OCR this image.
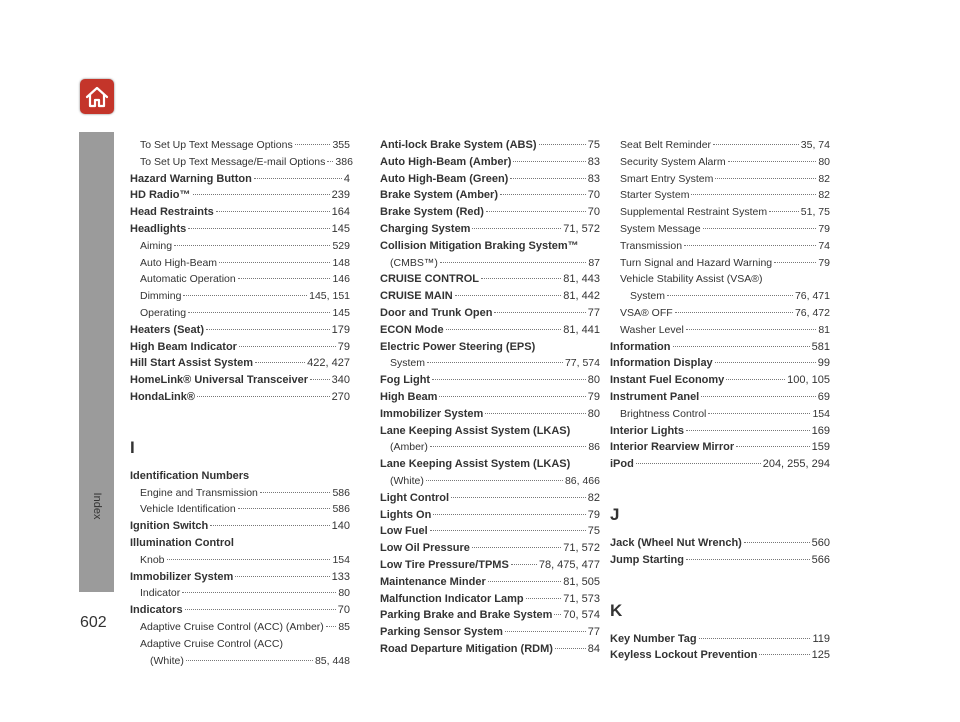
Index
602
To Set Up Text Message Options	355
To Set Up Text Message/E-mail Options 386
Hazard Warning Button	4
HD Radio™	239
Head Restraints	164
Headlights	145
Aiming	529
Auto High-Beam	148
Automatic Operation	146
Dimming	145, 151
Operating	145
Heaters (Seat)	179
High Beam Indicator	79
Hill Start Assist System	422, 427
HomeLink® Universal Transceiver 340
HondaLink®	270
I
Identification Numbers
Engine and Transmission	586
Vehicle Identification	586
Ignition Switch	140
Illumination Control
Knob	154
Immobilizer System	133
Indicator	80
Indicators	70
Adaptive Cruise Control (ACC) (Amber) 85
Adaptive Cruise Control (ACC)
(White)	85, 448
Anti-lock Brake System (ABS)	75
Auto High-Beam (Amber)	83
Auto High-Beam (Green)	83
Brake System (Amber)	70
Brake System (Red)	70
Charging System	71, 572
Collision Mitigation Braking System™
(CMBS™)	87
CRUISE CONTROL	81, 443
CRUISE MAIN	81, 442
Door and Trunk Open	77
ECON Mode	81, 441
Electric Power Steering (EPS)
System	77, 574
Fog Light	80
High Beam	79
Immobilizer System	80
Lane Keeping Assist System (LKAS)
(Amber)	86
Lane Keeping Assist System (LKAS)
(White)	86, 466
Light Control	82
Lights On	79
Low Fuel	75
Low Oil Pressure	71, 572
Low Tire Pressure/TPMS	78, 475, 477
Maintenance Minder	81, 505
Malfunction Indicator Lamp	71, 573
Parking Brake and Brake System 70, 574
Parking Sensor System	77
Road Departure Mitigation (RDM)	84
Seat Belt Reminder	35, 74
Security System Alarm	80
Smart Entry System	82
Starter System	82
Supplemental Restraint System	51, 75
System Message	79
Transmission	74
Turn Signal and Hazard Warning	79
Vehicle Stability Assist (VSA®)
System	76, 471
VSA® OFF	76, 472
Washer Level	81
Information	581
Information Display	99
Instant Fuel Economy	100, 105
Instrument Panel	69
Brightness Control	154
Interior Lights	169
Interior Rearview Mirror	159
iPod	204, 255, 294
J
Jack (Wheel Nut Wrench)	560
Jump Starting	566
K
Key Number Tag	119
Keyless Lockout Prevention	125
